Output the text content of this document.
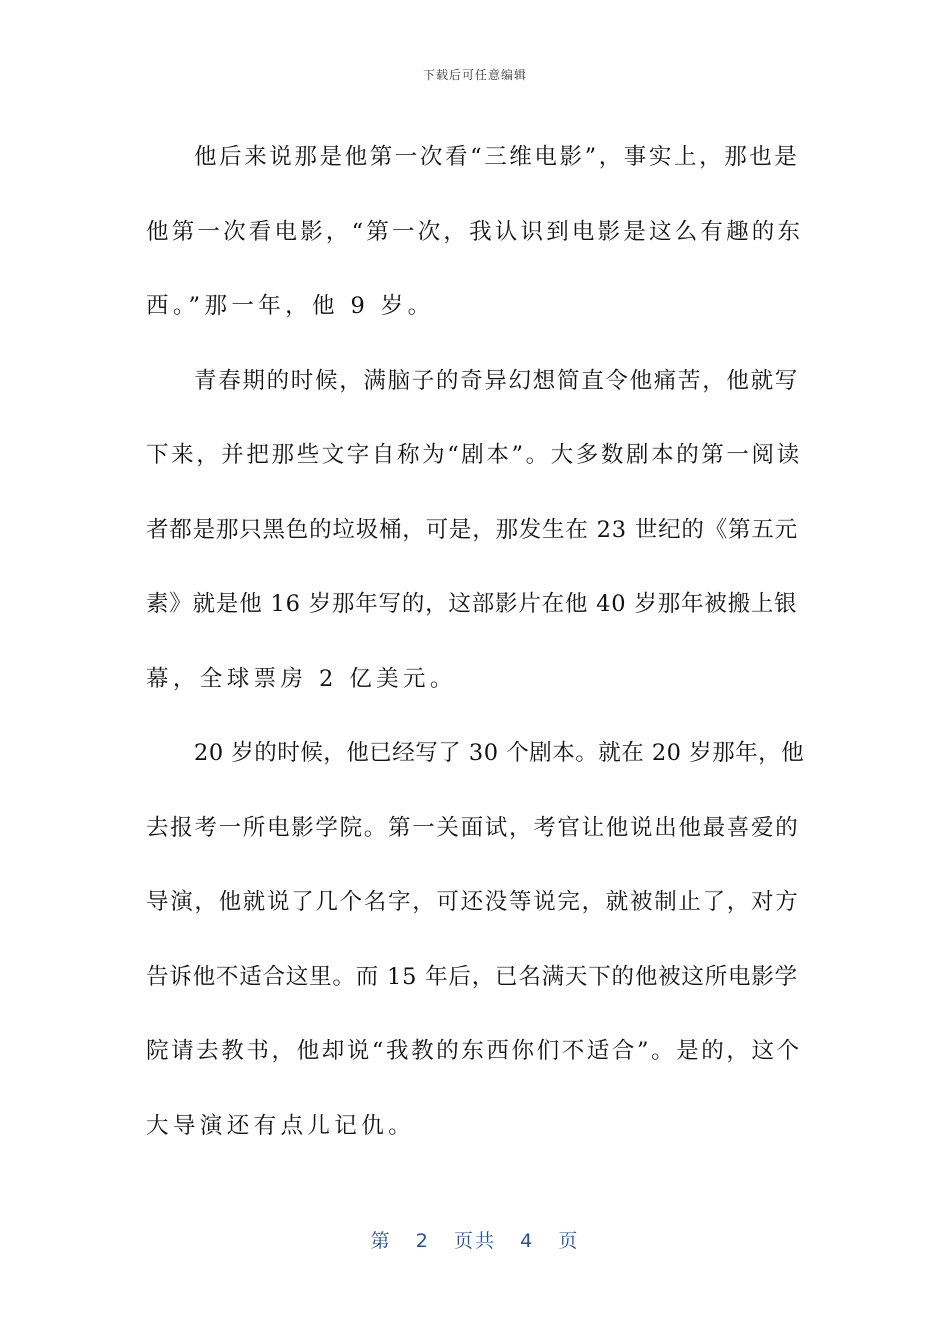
下载后可任意编辑

他后来说那是他第一次看“三维电影”，事实上，那也是
他第一次看电影，“第一次，我认识到电影是这么有趣的东
西。”那一年，他 9 岁。

青春期的时候，满脑子的奇异幻想简直令他痛苦，他就写
下来，并把那些文字自称为“剧本”。大多数剧本的第一阅读
者都是那只黑色的垃圾桶，可是，那发生在 23 世纪的《第五元
素》就是他 16 岁那年写的，这部影片在他 40 岁那年被搬上银
幕，全球票房 2 亿美元。

20 岁的时候，他已经写了 30 个剧本。就在 20 岁那年，他
去报考一所电影学院。第一关面试，考官让他说出他最喜爱的
导演，他就说了几个名字，可还没等说完，就被制止了，对方
告诉他不适合这里。而 15 年后，已名满天下的他被这所电影学
院请去教书，他却说“我教的东西你们不适合”。是的，这个
大导演还有点儿记仇。

第 2 页共 4 页
